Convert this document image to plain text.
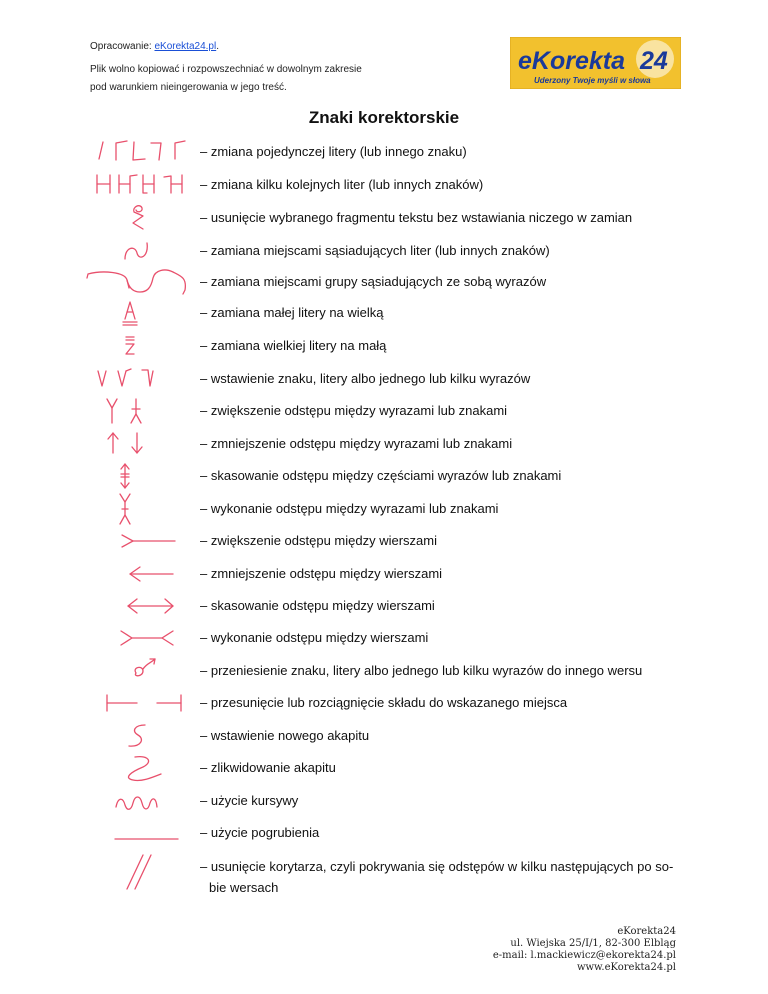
Opracowanie: eKorekta24.pl.
Plik wolno kopiować i rozpowszechniać w dowolnym zakresie
pod warunkiem nieingerowania w jego treść.
eKorekta 24
Uderzony Twoje myśli w słowa
Znaki korektorskie
– zmiana pojedynczej litery (lub innego znaku)
– zmiana kilku kolejnych liter (lub innych znaków)
– usunięcie wybranego fragmentu tekstu bez wstawiania niczego w zamian
– zamiana miejscami sąsiadujących liter (lub innych znaków)
– zamiana miejscami grupy sąsiadujących ze sobą wyrazów
– zamiana małej litery na wielką
– zamiana wielkiej litery na małą
– wstawienie znaku, litery albo jednego lub kilku wyrazów
– zwiększenie odstępu między wyrazami lub znakami
– zmniejszenie odstępu między wyrazami lub znakami
– skasowanie odstępu między częściami wyrazów lub znakami
– wykonanie odstępu między wyrazami lub znakami
– zwiększenie odstępu między wierszami
– zmniejszenie odstępu między wierszami
– skasowanie odstępu między wierszami
– wykonanie odstępu między wierszami
– przeniesienie znaku, litery albo jednego lub kilku wyrazów do innego wersu
– przesunięcie lub rozciągnięcie składu do wskazanego miejsca
– wstawienie nowego akapitu
– zlikwidowanie akapitu
– użycie kursywy
– użycie pogrubienia
– usunięcie korytarza, czyli pokrywania się odstępów w kilku następujących po so-
bie wersach
eKorekta24
ul. Wiejska 25/I/1, 82-300 Elbląg
e-mail: l.mackiewicz@ekorekta24.pl
www.eKorekta24.pl
